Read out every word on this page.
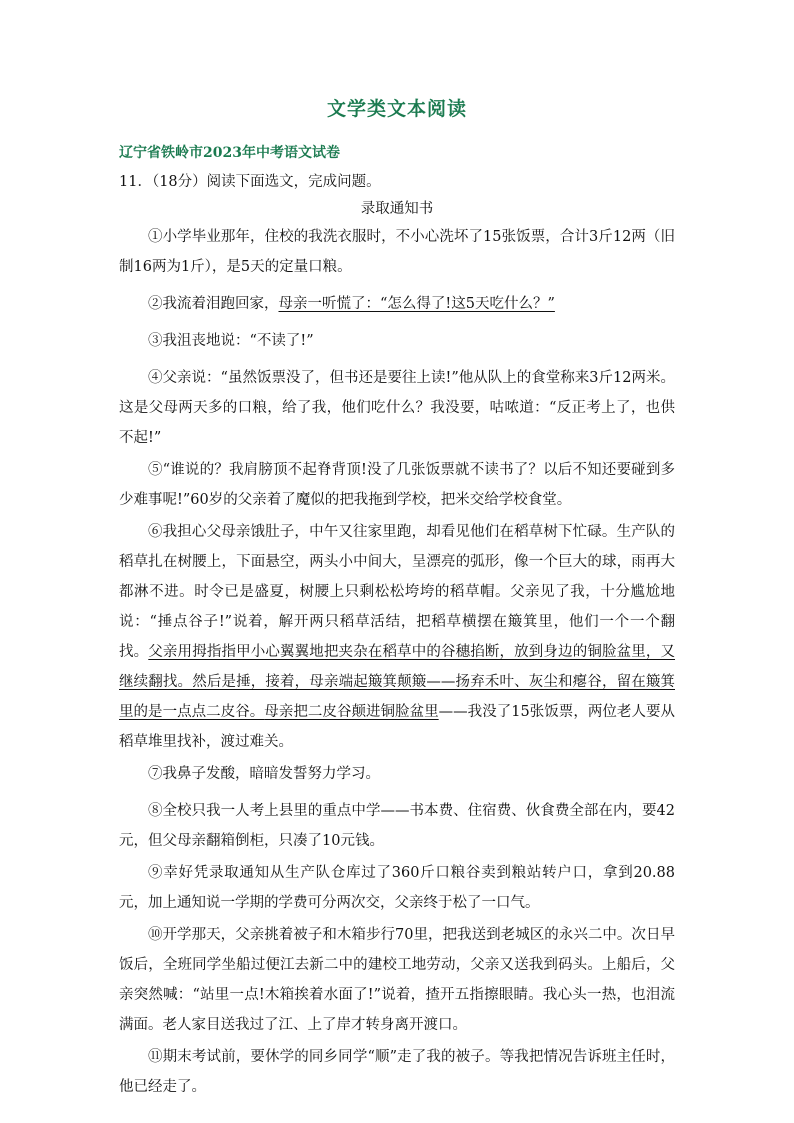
文学类文本阅读
辽宁省铁岭市2023年中考语文试卷
11．（18分）阅读下面选文，完成问题。
录取通知书

①小学毕业那年，住校的我洗衣服时，不小心洗坏了15张饭票，合计3斤12两（旧制16两为1斤），是5天的定量口粮。

②我流着泪跑回家，母亲一听慌了：“怎么得了!这5天吃什么？”

③我沮丧地说：“不读了!”

④父亲说：“虽然饭票没了，但书还是要往上读!”他从队上的食堂称来3斤12两米。这是父母两天多的口粮，给了我，他们吃什么？我没要，咕哝道：“反正考上了，也供不起!”

⑤“谁说的？我肩膀顶不起脊背顶!没了几张饭票就不读书了？以后不知还要碰到多少难事呢!”60岁的父亲着了魔似的把我拖到学校，把米交给学校食堂。

⑥我担心父母亲饿肚子，中午又往家里跑，却看见他们在稻草树下忙碌。生产队的稻草扎在树腰上，下面悬空，两头小中间大，呈漂亮的弧形，像一个巨大的球，雨再大都淋不进。时令已是盛夏，树腰上只剩松松垮垮的稻草帽。父亲见了我，十分尴尬地说：“捶点谷子!”说着，解开两只稻草活结，把稻草横摆在簸箕里，他们一个一个翻找。父亲用拇指指甲小心翼翼地把夹杂在稻草中的谷穗掐断，放到身边的铜脸盆里，又继续翻找。然后是捶，接着，母亲端起簸箕颠簸——扬弃禾叶、灰尘和瘪谷，留在簸箕里的是一点点二皮谷。母亲把二皮谷颠进铜脸盆里——我没了15张饭票，两位老人要从稻草堆里找补，渡过难关。

⑦我鼻子发酸，暗暗发誓努力学习。

⑧全校只我一人考上县里的重点中学——书本费、住宿费、伙食费全部在内，要42元，但父母亲翻箱倒柜，只凑了10元钱。

⑨幸好凭录取通知从生产队仓库过了360斤口粮谷卖到粮站转户口，拿到20.88元，加上通知说一学期的学费可分两次交，父亲终于松了一口气。

⑩开学那天，父亲挑着被子和木箱步行70里，把我送到老城区的永兴二中。次日早饭后，全班同学坐船过便江去新二中的建校工地劳动，父亲又送我到码头。上船后，父亲突然喊：“站里一点!木箱挨着水面了!”说着，揸开五指擦眼睛。我心头一热，也泪流满面。老人家目送我过了江、上了岸才转身离开渡口。

⑪期末考试前，要休学的同乡同学“顺”走了我的被子。等我把情况告诉班主任时，他已经走了。
